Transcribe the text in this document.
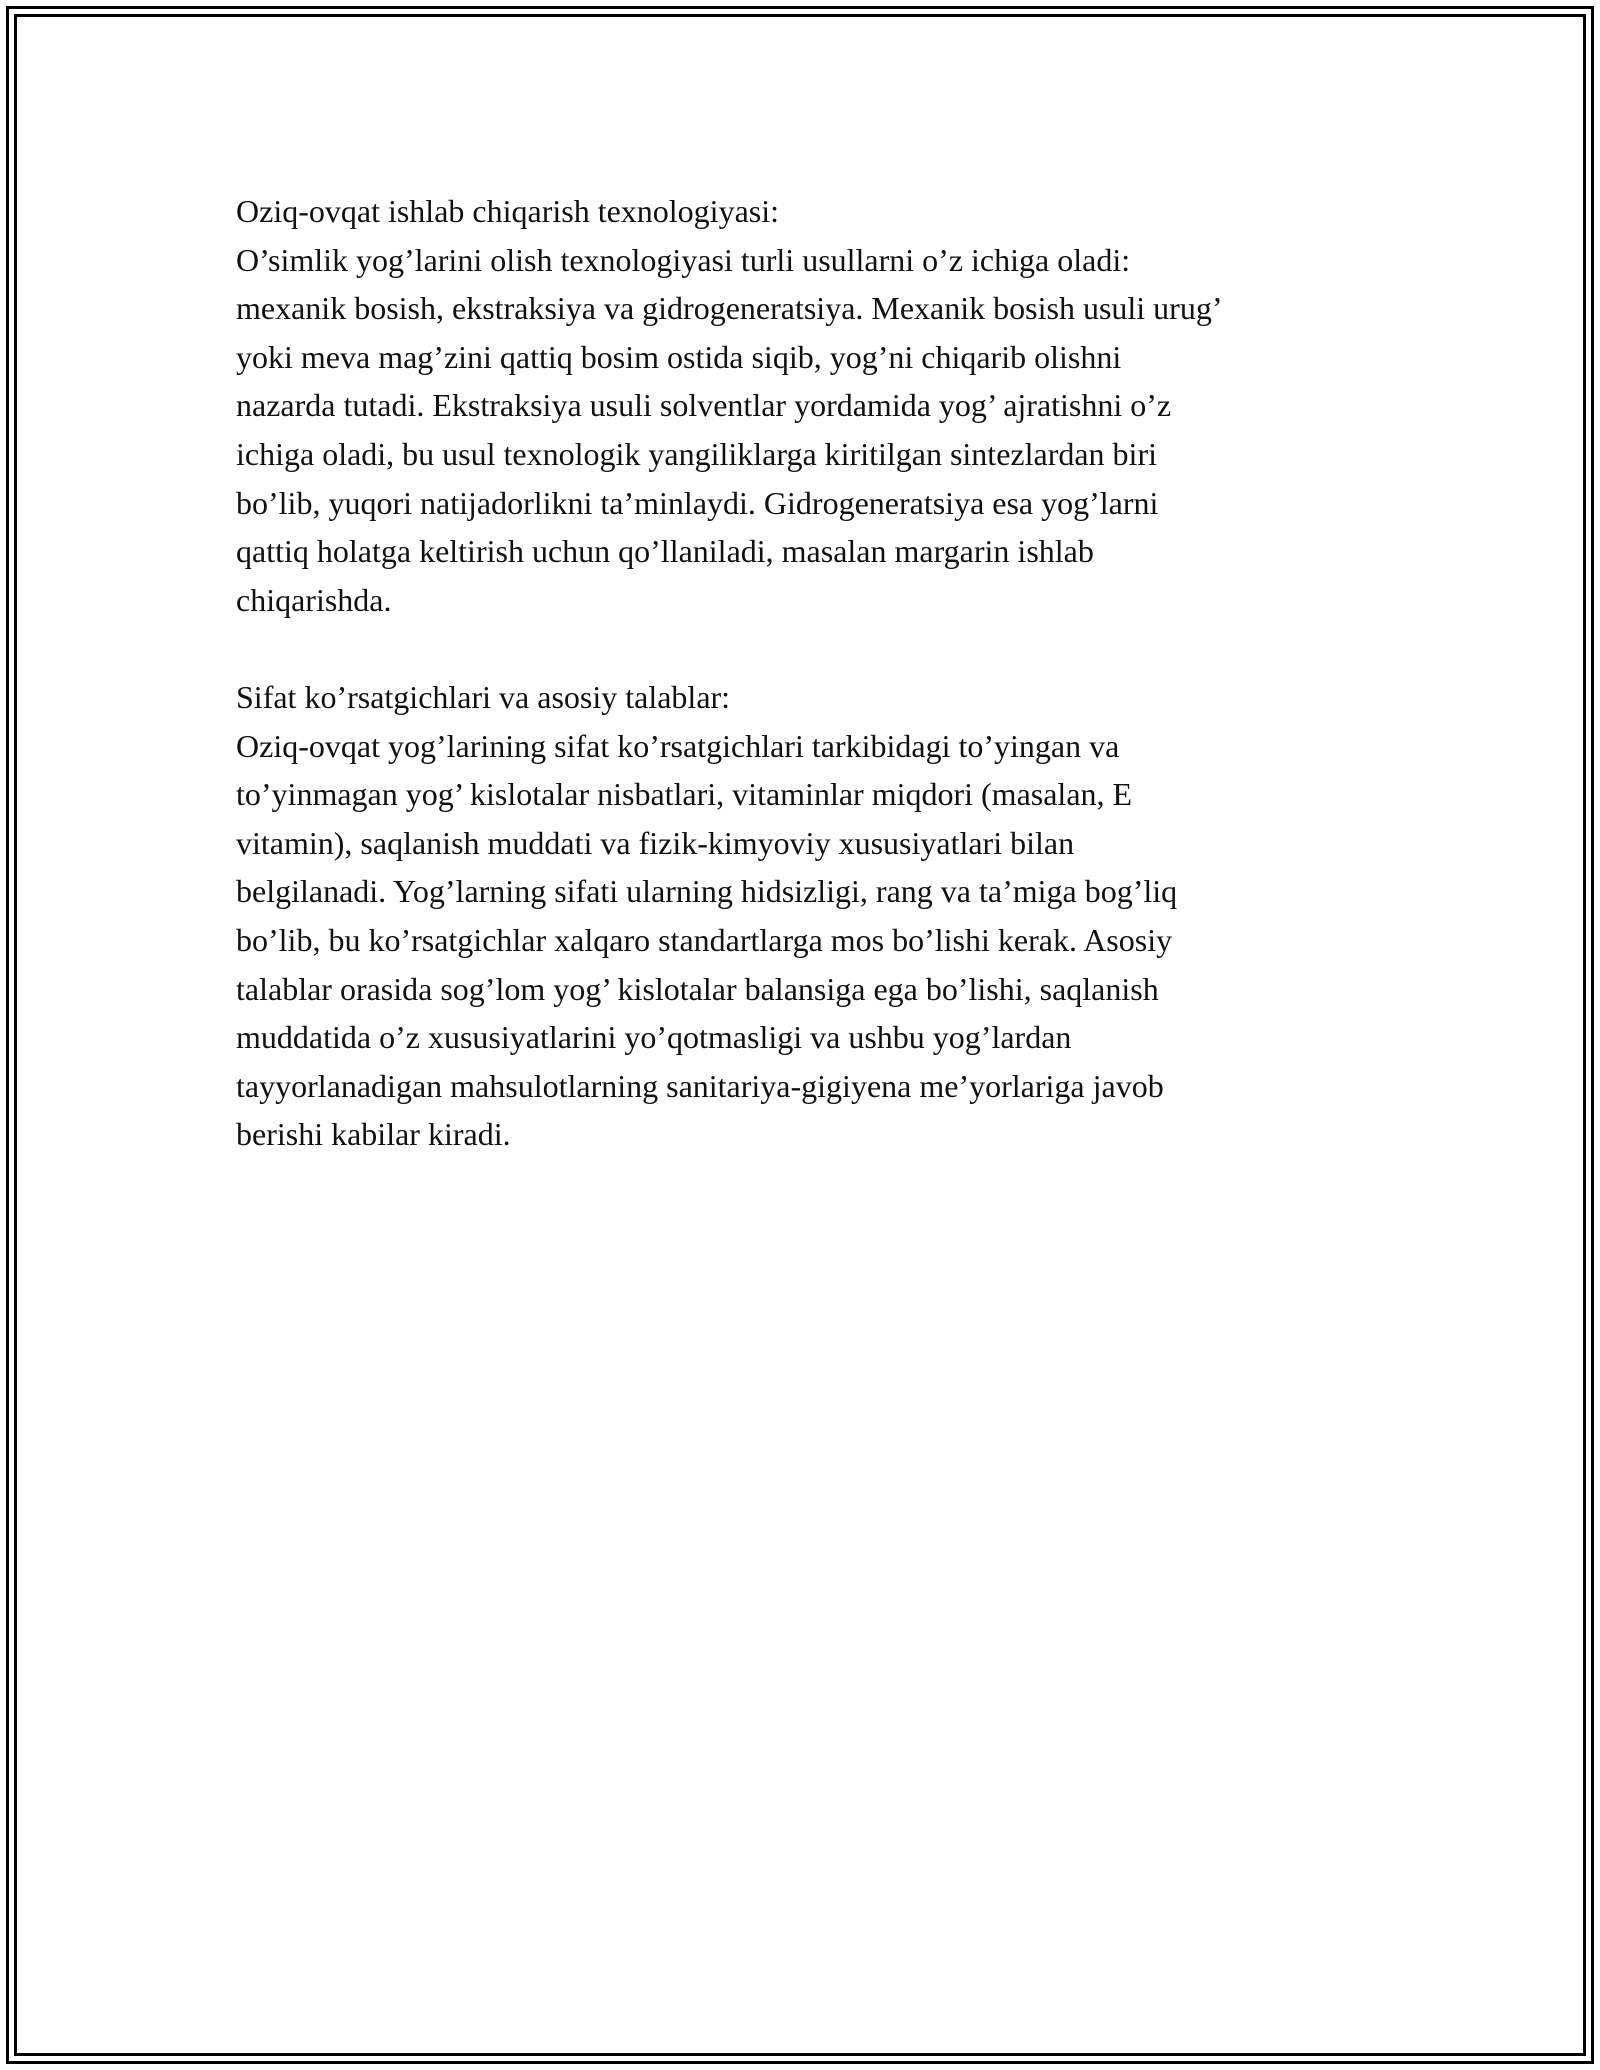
Oziq-ovqat ishlab chiqarish texnologiyasi:

O’simlik yog’larini olish texnologiyasi turli usullarni o’z ichiga oladi:

mexanik bosish, ekstraksiya va gidrogeneratsiya. Mexanik bosish usuli urug’

yoki meva mag’zini qattiq bosim ostida siqib, yog’ni chiqarib olishni

nazarda tutadi. Ekstraksiya usuli solventlar yordamida yog’ ajratishni o’z

ichiga oladi, bu usul texnologik yangiliklarga kiritilgan sintezlardan biri

bo’lib, yuqori natijadorlikni ta’minlaydi. Gidrogeneratsiya esa yog’larni

qattiq holatga keltirish uchun qo’llaniladi, masalan margarin ishlab

chiqarishda.

Sifat ko’rsatgichlari va asosiy talablar:

Oziq-ovqat yog’larining sifat ko’rsatgichlari tarkibidagi to’yingan va

to’yinmagan yog’ kislotalar nisbatlari, vitaminlar miqdori (masalan, E

vitamin), saqlanish muddati va fizik-kimyoviy xususiyatlari bilan

belgilanadi. Yog’larning sifati ularning hidsizligi, rang va ta’miga bog’liq

bo’lib, bu ko’rsatgichlar xalqaro standartlarga mos bo’lishi kerak. Asosiy

talablar orasida sog’lom yog’ kislotalar balansiga ega bo’lishi, saqlanish

muddatida o’z xususiyatlarini yo’qotmasligi va ushbu yog’lardan

tayyorlanadigan mahsulotlarning sanitariya-gigiyena me’yorlariga javob

berishi kabilar kiradi.
